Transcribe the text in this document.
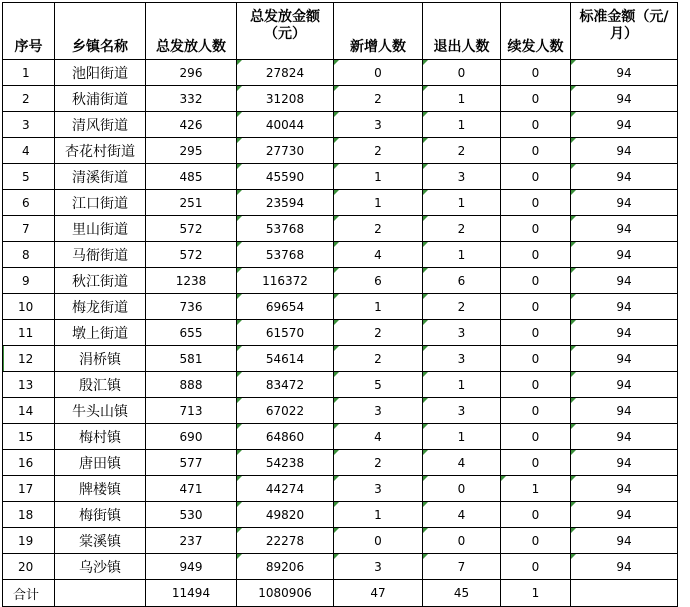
序号	乡镇名称	总发放人数	总发放金额（元）	新增人数	退出人数	续发人数	标准金额（元/月）
1	池阳街道	296	27824	0	0	0	94
2	秋浦街道	332	31208	2	1	0	94
3	清风街道	426	40044	3	1	0	94
4	杏花村街道	295	27730	2	2	0	94
5	清溪街道	485	45590	1	3	0	94
6	江口街道	251	23594	1	1	0	94
7	里山街道	572	53768	2	2	0	94
8	马衙街道	572	53768	4	1	0	94
9	秋江街道	1238	116372	6	6	0	94
10	梅龙街道	736	69654	1	2	0	94
11	墩上街道	655	61570	2	3	0	94
12	涓桥镇	581	54614	2	3	0	94
13	殷汇镇	888	83472	5	1	0	94
14	牛头山镇	713	67022	3	3	0	94
15	梅村镇	690	64860	4	1	0	94
16	唐田镇	577	54238	2	4	0	94
17	牌楼镇	471	44274	3	0	1	94
18	梅街镇	530	49820	1	4	0	94
19	棠溪镇	237	22278	0	0	0	94
20	乌沙镇	949	89206	3	7	0	94
合计		11494	1080906	47	45	1	
